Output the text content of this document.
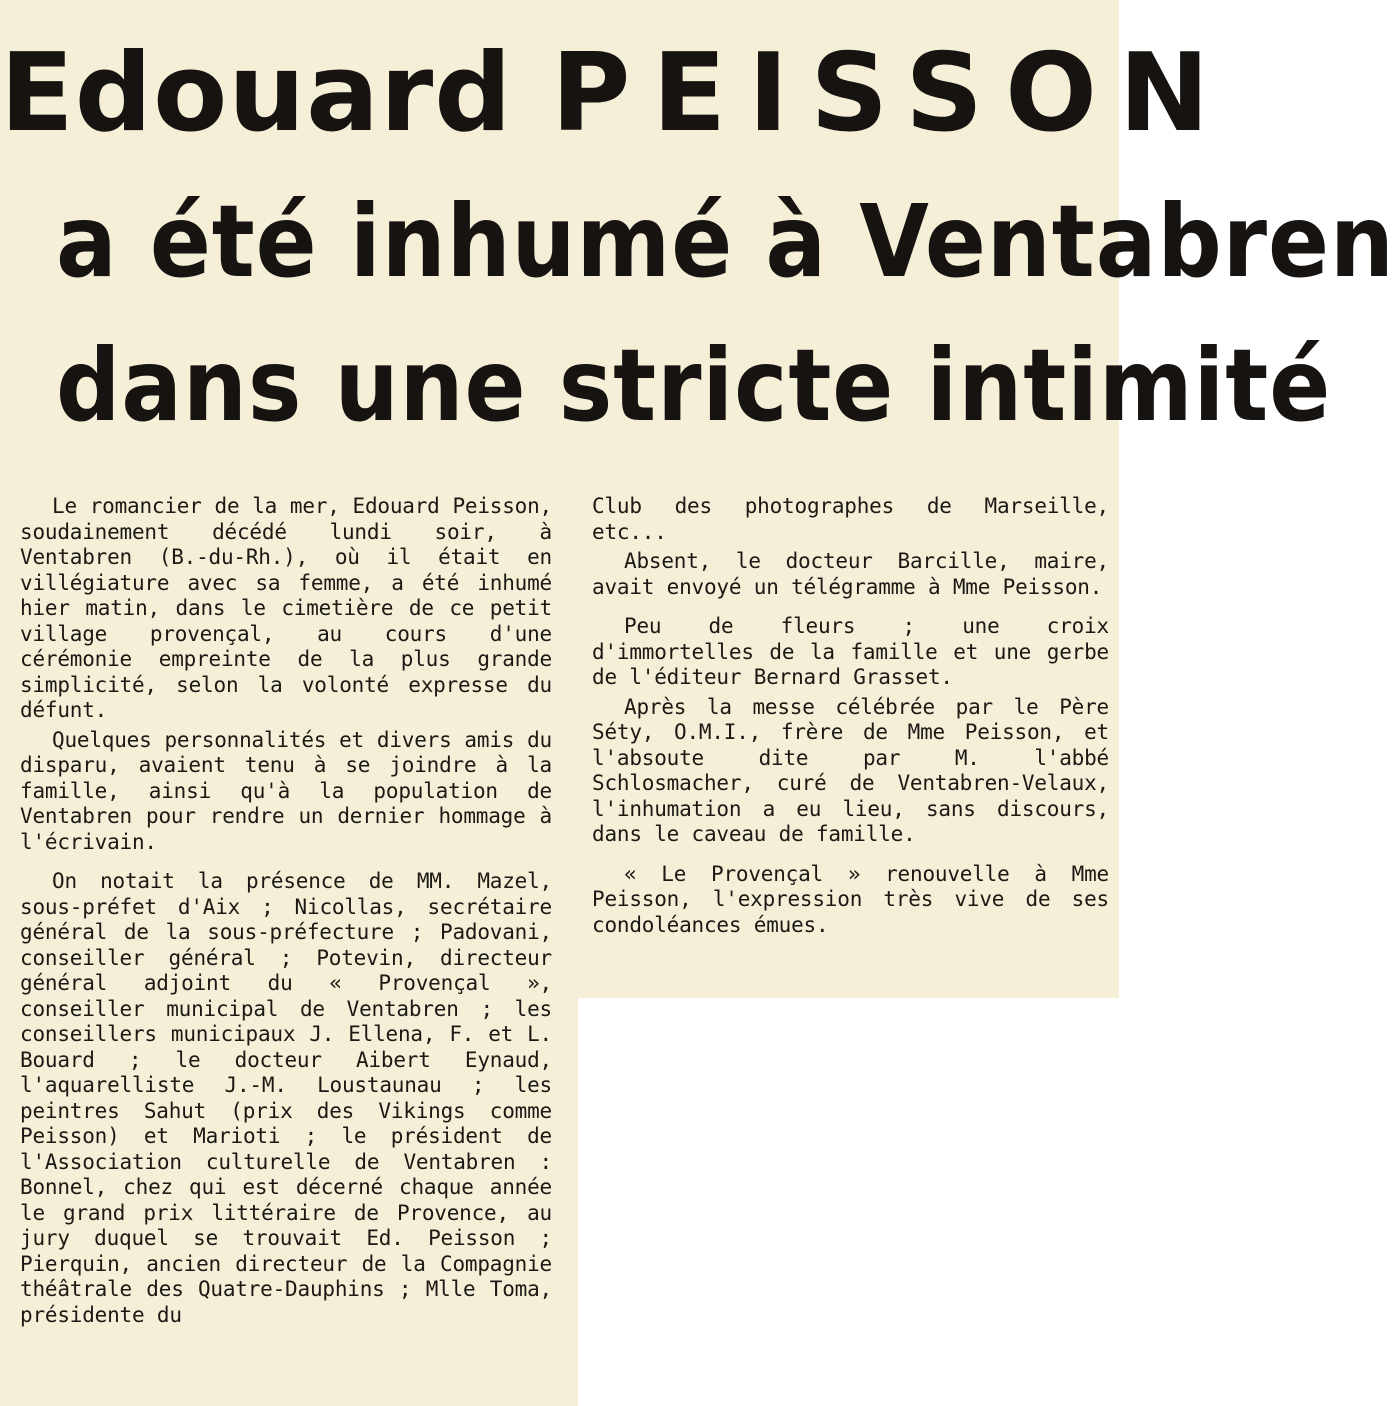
Edouard PEISSON
a été inhumé à Ventabren
dans une stricte intimité

Le romancier de la mer, Edouard Peisson, soudainement décédé lundi soir, à Ventabren (B.-du-Rh.), où il était en villégiature avec sa femme, a été inhumé hier matin, dans le cimetière de ce petit village provençal, au cours d'une cérémonie empreinte de la plus grande simplicité, selon la volonté expresse du défunt.

Quelques personnalités et divers amis du disparu, avaient tenu à se joindre à la famille, ainsi qu'à la population de Ventabren pour rendre un dernier hommage à l'écrivain.

On notait la présence de MM. Mazel, sous-préfet d'Aix ; Nicollas, secrétaire général de la sous-préfecture ; Padovani, conseiller général ; Potevin, directeur général adjoint du « Provençal », conseiller municipal de Ventabren ; les conseillers municipaux J. Ellena, F. et L. Bouard ; le docteur Aibert Eynaud, l'aquarelliste J.-M. Loustaunau ; les peintres Sahut (prix des Vikings comme Peisson) et Marioti ; le président de l'Association culturelle de Ventabren : Bonnel, chez qui est décerné chaque année le grand prix littéraire de Provence, au jury duquel se trouvait Ed. Peisson ; Pierquin, ancien directeur de la Compagnie théâtrale des Quatre-Dauphins ; Mlle Toma, présidente du

Club des photographes de Marseille, etc...

Absent, le docteur Barcille, maire, avait envoyé un télégramme à Mme Peisson.

Peu de fleurs ; une croix d'immortelles de la famille et une gerbe de l'éditeur Bernard Grasset.

Après la messe célébrée par le Père Séty, O.M.I., frère de Mme Peisson, et l'absoute dite par M. l'abbé Schlosmacher, curé de Ventabren-Velaux, l'inhumation a eu lieu, sans discours, dans le caveau de famille.

« Le Provençal » renouvelle à Mme Peisson, l'expression très vive de ses condoléances émues.
